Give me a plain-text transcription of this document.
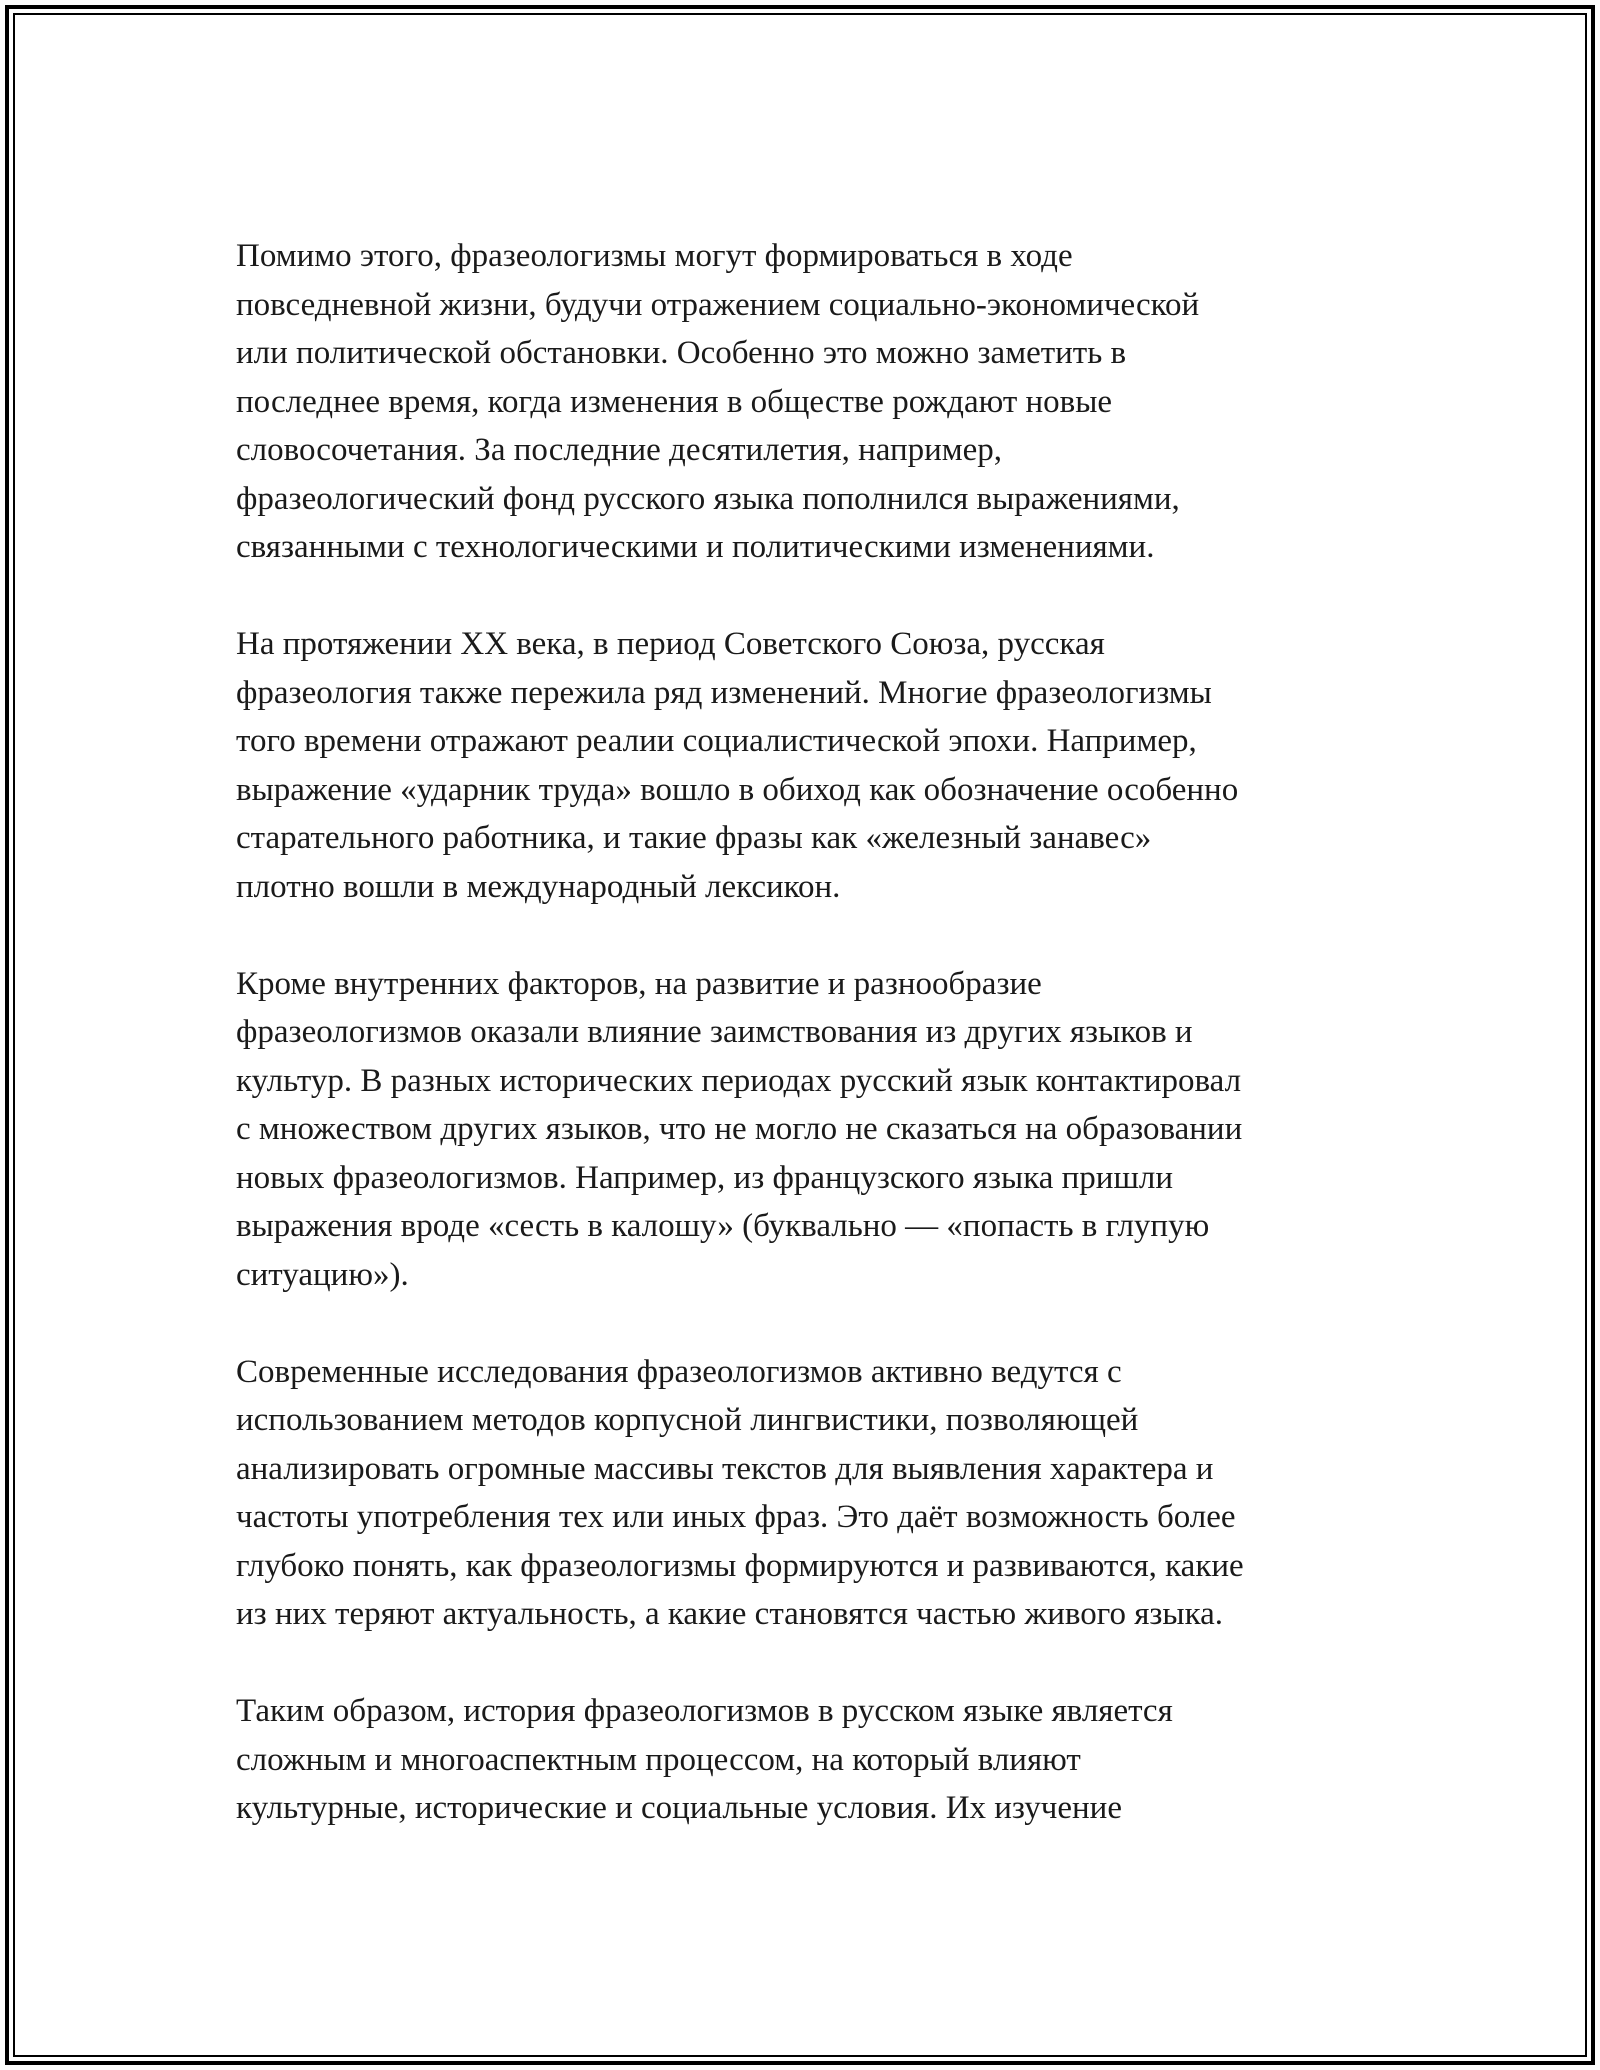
Помимо этого, фразеологизмы могут формироваться в ходе
повседневной жизни, будучи отражением социально-экономической
или политической обстановки. Особенно это можно заметить в
последнее время, когда изменения в обществе рождают новые
словосочетания. За последние десятилетия, например,
фразеологический фонд русского языка пополнился выражениями,
связанными с технологическими и политическими изменениями.

На протяжении XX века, в период Советского Союза, русская
фразеология также пережила ряд изменений. Многие фразеологизмы
того времени отражают реалии социалистической эпохи. Например,
выражение «ударник труда» вошло в обиход как обозначение особенно
старательного работника, и такие фразы как «железный занавес»
плотно вошли в международный лексикон.

Кроме внутренних факторов, на развитие и разнообразие
фразеологизмов оказали влияние заимствования из других языков и
культур. В разных исторических периодах русский язык контактировал
с множеством других языков, что не могло не сказаться на образовании
новых фразеологизмов. Например, из французского языка пришли
выражения вроде «сесть в калошу» (буквально — «попасть в глупую
ситуацию»).

Современные исследования фразеологизмов активно ведутся с
использованием методов корпусной лингвистики, позволяющей
анализировать огромные массивы текстов для выявления характера и
частоты употребления тех или иных фраз. Это даёт возможность более
глубоко понять, как фразеологизмы формируются и развиваются, какие
из них теряют актуальность, а какие становятся частью живого языка.

Таким образом, история фразеологизмов в русском языке является
сложным и многоаспектным процессом, на который влияют
культурные, исторические и социальные условия. Их изучение
